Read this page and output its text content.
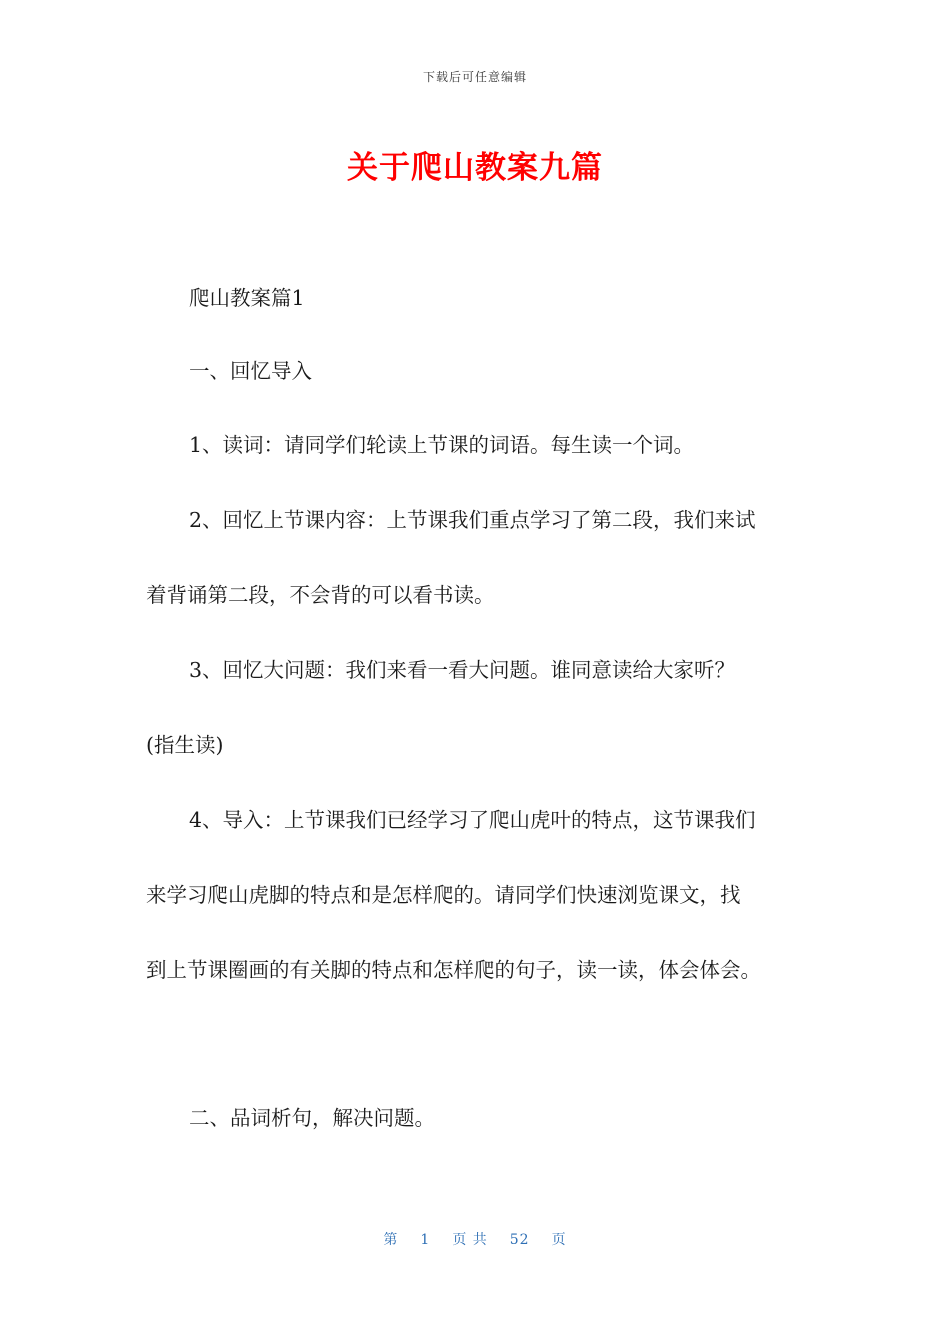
下载后可任意编辑
关于爬山教案九篇
爬山教案篇1
一、回忆导入
1、读词：请同学们轮读上节课的词语。每生读一个词。
2、回忆上节课内容：上节课我们重点学习了第二段，我们来试
着背诵第二段，不会背的可以看书读。
3、回忆大问题：我们来看一看大问题。谁同意读给大家听？
(指生读)
4、导入：上节课我们已经学习了爬山虎叶的特点，这节课我们
来学习爬山虎脚的特点和是怎样爬的。请同学们快速浏览课文，找
到上节课圈画的有关脚的特点和怎样爬的句子，读一读，体会体会。
二、品词析句，解决问题。
第 1 页 共 52 页
